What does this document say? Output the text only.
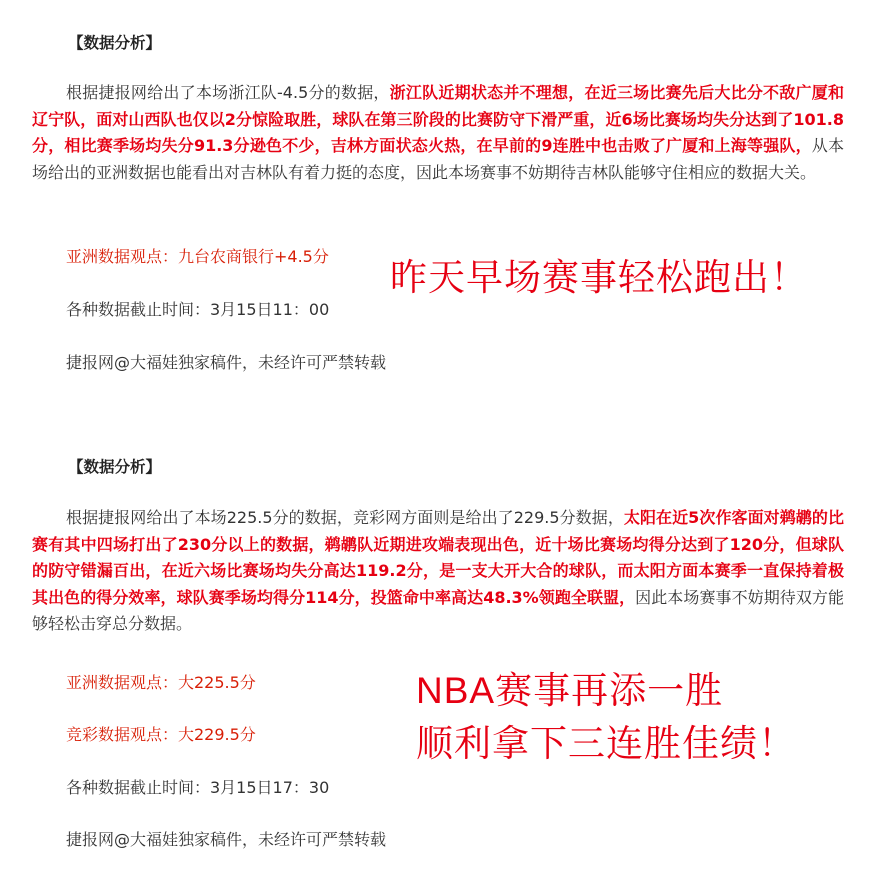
【数据分析】

根据捷报网给出了本场浙江队-4.5分的数据，浙江队近期状态并不理想，在近三场比赛先后大比分不敌广厦和辽宁队，面对山西队也仅以2分惊险取胜，球队在第三阶段的比赛防守下滑严重，近6场比赛场均失分达到了101.8分，相比赛季场均失分91.3分逊色不少，吉林方面状态火热，在早前的9连胜中也击败了广厦和上海等强队，从本场给出的亚洲数据也能看出对吉林队有着力挺的态度，因此本场赛事不妨期待吉林队能够守住相应的数据大关。

亚洲数据观点：九台农商银行+4.5分
各种数据截止时间：3月15日11：00
捷报网@大福娃独家稿件，未经许可严禁转载
昨天早场赛事轻松跑出！
【数据分析】

根据捷报网给出了本场225.5分的数据，竞彩网方面则是给出了229.5分数据，太阳在近5次作客面对鹈鹕的比赛有其中四场打出了230分以上的数据，鹈鹕队近期进攻端表现出色，近十场比赛场均得分达到了120分，但球队的防守错漏百出，在近六场比赛场均失分高达119.2分，是一支大开大合的球队，而太阳方面本赛季一直保持着极其出色的得分效率，球队赛季场均得分114分，投篮命中率高达48.3%领跑全联盟，因此本场赛事不妨期待双方能够轻松击穿总分数据。

亚洲数据观点：大225.5分
竞彩数据观点：大229.5分
各种数据截止时间：3月15日17：30
捷报网@大福娃独家稿件，未经许可严禁转载
NBA赛事再添一胜
顺利拿下三连胜佳绩！
